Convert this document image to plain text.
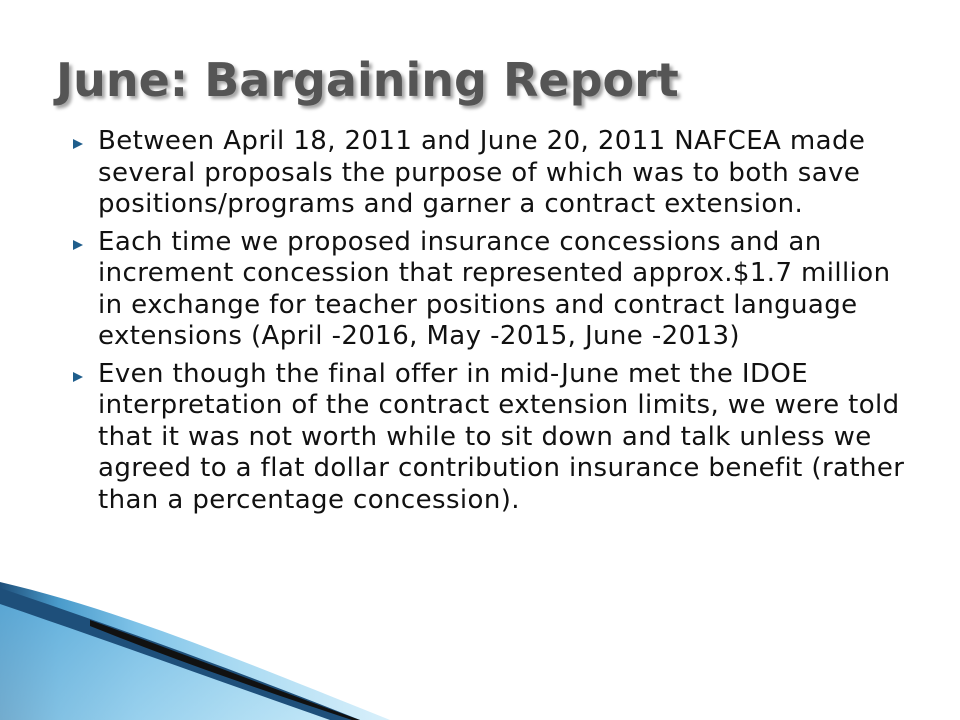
June: Bargaining Report
Between April 18, 2011 and June 20, 2011 NAFCEA made several proposals the purpose of which was to both save positions/programs and garner a contract extension.
Each time we proposed insurance concessions and an increment concession that represented approx.$1.7 million in exchange for teacher positions and contract language extensions (April -2016, May -2015, June -2013)
Even though the final offer in mid-June met the IDOE interpretation of the contract extension limits, we were told that it was not worth while to sit down and talk unless we agreed to a flat dollar contribution insurance benefit (rather than a percentage concession).
